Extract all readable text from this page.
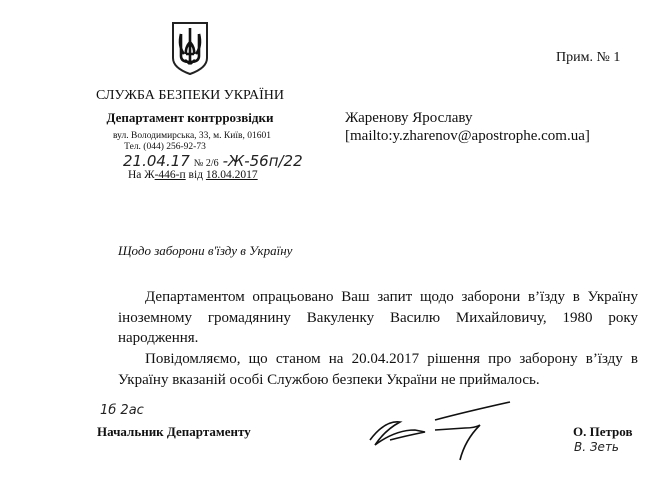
Прим. № 1
СЛУЖБА БЕЗПЕКИ УКРАЇНИ
Департамент контррозвідки
вул. Володимирська, 33, м. Київ, 01601
Тел. (044) 256-92-73
21.04.17 № 2/6 -Ж-56п/22
На Ж-446-п від 18.04.2017
Жаренову Ярославу
[mailto:y.zharenov@apostrophe.com.ua]
Щодо заборони в'їзду в Україну
Департаментом опрацьовано Ваш запит щодо заборони в’їзду в Україну іноземному громадянину Вакуленку Василю Михайловичу, 1980 року народження.
Повідомляємо, що станом на 20.04.2017 рішення про заборону в’їзду в Україну вказаній особі Службою безпеки України не приймалось.
1б 2ас
Начальник Департаменту	О. Петров
В. Зеть
